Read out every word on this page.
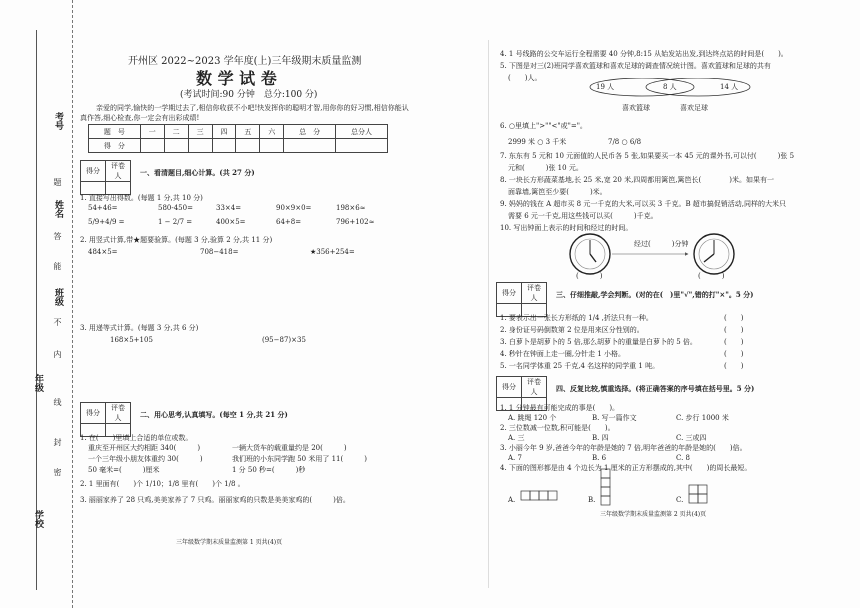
考号
姓名
班级
年级
学校
题
答
能
不
内
线
封
密
开州区 2022~2023 学年度(上)三年级期末质量监测
数 学 试 卷
(考试时间:90 分钟　总分:100 分)
亲爱的同学,愉快的一学期过去了,相信你收获不小吧!快发挥你的聪明才智,用你你的好习惯,相信你能认
真作答,细心检查,你一定会有出彩成绩!
题　号	一	二	三	四	五	六	总　分	总分人
得　分								
得分	评卷人
		一、看清题目,细心计算。(共 27 分)
1. 直接写出得数。(每题 1 分,共 10 分)
54+46=	580-450=	33×4=	90×9×0=	198×6≈
5/9+4/9 =	1 − 2/7 =	400×5=	64+8=	796+102≈
2. 用竖式计算,带★题要验算。(每题 3 分,验算 2 分,共 11 分)
484×5=	708−418=	★356+254=
3. 用递等式计算。(每题 3 分,共 6 分)
168×5+105	(95−87)×35
得分	评卷人
		二、用心思考,认真填写。(每空 1 分,共 21 分)
1. 在(　　)里填上合适的单位或数。
重庆至开州区大约相距 340(　　　)	一辆大货车的载重量约是 20(　　　)
一个三年级小朋友体重约 30(　　　)	我们班的小东同学跑 50 米用了 11(　　　)
50 毫米=(　　　)厘米	1 分 50 秒=(　　　)秒
2. 1 里面有(　　)个 1/10；1/8 里有(　　)个 1/8 。
3. 丽丽家养了 28 只鸡,美美家养了 7 只鸡。丽丽家鸡的只数是美美家鸡的(　　　)倍。
三年级数学期末质量监测第 1 页共(4)页
4. 1 号线路的公交车运行全程需要 40 分钟,8:15 从始发站出发,到达终点站的时间是(　　)。
5. 下图是对三(2)班同学喜欢篮球和喜欢足球的调查情况统计图。喜欢篮球和足球的共有
(　　)人。
19 人	8 人	14 人
喜欢篮球	喜欢足球
6. ○里填上">""<"或"="。
2999 米 ○ 3 千米	7/8 ○ 6/8
7. 东东有 5 元和 10 元面值的人民币各 5 张,如果要买一本 45 元的课外书,可以付(　　　)张 5
元和(　　　)张 10 元。
8. 一块长方形蔬菜基地,长 25 米,宽 20 米,四周都用篱笆,篱笆长(　　　　)米。如果有一
面靠墙,篱笆至少要(　　　)米。
9. 妈妈的钱在 A 超市买 8 元一千克的大米,可以买 3 千克。B 超市搞促销活动,同样的大米只
需要 6 元一千克,用这些钱可以买(　　　)千克。
10. 写出钟面上表示的时间和经过的时间。
经过(　　　)分钟
(　　　)	(　　　)
得分	评卷人
		三、仔细推敲,学会判断。(对的在(　)里"√",错的打"×"。5 分)
1. 要表示出一张长方形纸的 1/4 ,折法只有一种。
2. 身份证号码倒数第 2 位是用来区分性别的。
3. 白萝卜是胡萝卜的 5 倍,那么胡萝卜的重量是白萝卜的 5 倍。
4. 秒针在钟面上走一圈,分针走 1 小格。
5. 一名同学体重 25 千克,4 名这样的同学重 1 吨。
(　　)
(　　)
(　　)
(　　)
(　　)
得分	评卷人
		四、反复比较,慎重选择。(将正确答案的序号填在括号里。5 分)
1. 1 分钟最有可能完成的事是(　　)。
A. 跳绳 120 个	B. 写一篇作文	C. 步行 1000 米
2. 三位数减一位数,积可能是(　　)。
A. 三	B. 四	C. 三或四
3. 小丽今年 9 岁,爸爸今年的年龄是她的 7 倍,明年爸爸的年龄是她的(　　)倍。
A. 7	B. 6	C. 8
4. 下面的图形都是由 4 个边长为 1 厘米的正方形摆成的,其中(　　)的周长最短。
A.	B.	C.
三年级数学期末质量监测第 2 页共(4)页
